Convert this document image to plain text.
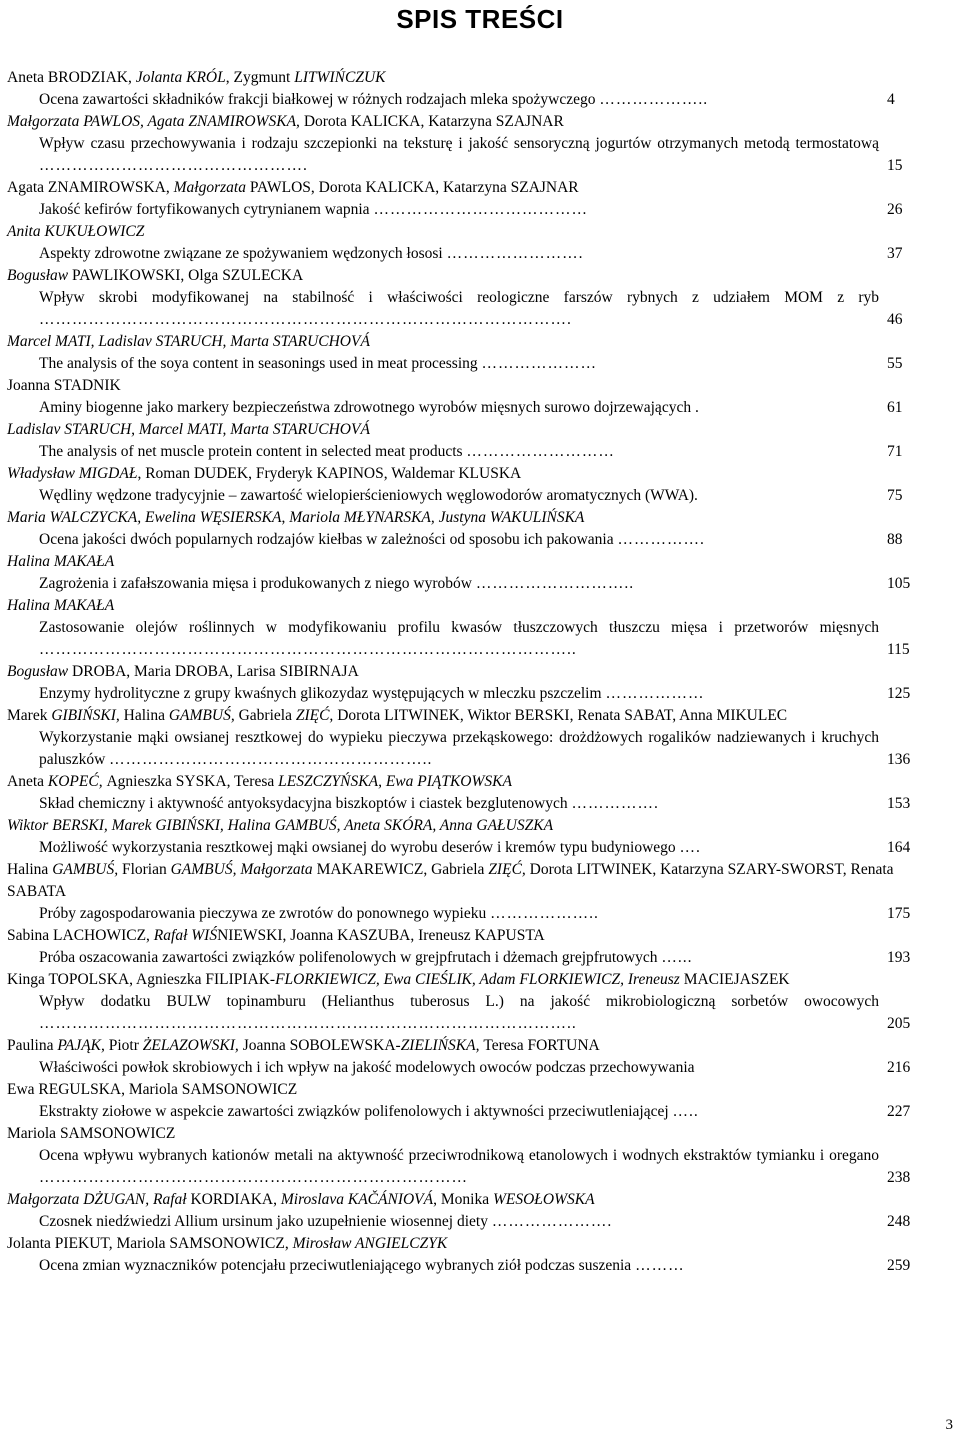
SPIS TREŚCI
Aneta BRODZIAK, Jolanta KRÓL, Zygmunt LITWIŃCZUK
Ocena zawartości składników frakcji białkowej w różnych rodzajach mleka spożywczego ………………..	4
Małgorzata PAWLOS, Agata ZNAMIROWSKA, Dorota KALICKA, Katarzyna SZAJNAR
Wpływ czasu przechowywania i rodzaju szczepionki na teksturę i jakość sensoryczną jogurtów otrzymanych metodą termostatową ………………………………………….	15
Agata ZNAMIROWSKA, Małgorzata PAWLOS, Dorota KALICKA, Katarzyna SZAJNAR
Jakość kefirów fortyfikowanych cytrynianem wapnia …………………………………	26
Anita KUKUŁOWICZ
Aspekty zdrowotne związane ze spożywaniem wędzonych łososi …………………….	37
Bogusław PAWLIKOWSKI, Olga SZULECKA
Wpływ skrobi modyfikowanej na stabilność i właściwości reologiczne farszów rybnych z udziałem MOM z ryb …………………………………………………………………………………….	46
Marcel MATI, Ladislav STARUCH, Marta STARUCHOVÁ
The analysis of the soya content in seasonings used in meat processing …………………	55
Joanna STADNIK
Aminy biogenne jako markery bezpieczeństwa zdrowotnego wyrobów mięsnych surowo dojrzewających .	61
Ladislav STARUCH, Marcel MATI, Marta STARUCHOVÁ
The analysis of net muscle protein content in selected meat products ………………………	71
Władysław MIGDAŁ, Roman DUDEK, Fryderyk KAPINOS, Waldemar KLUSKA
Wędliny wędzone tradycyjnie – zawartość wielopierścieniowych węglowodorów aromatycznych (WWA).	75
Maria WALCZYCKA, Ewelina WĘSIERSKA, Mariola MŁYNARSKA, Justyna WAKULIŃSKA
Ocena jakości dwóch popularnych rodzajów kiełbas w zależności od sposobu ich pakowania …………….	88
Halina MAKAŁA
Zagrożenia i zafałszowania mięsa i produkowanych z niego wyrobów ………………………..	105
Halina MAKAŁA
Zastosowanie olejów roślinnych w modyfikowaniu profilu kwasów tłuszczowych tłuszczu mięsa i przetworów mięsnych ……………………………………………………………………………………..	115
Bogusław DROBA, Maria DROBA, Larisa SIBIRNAJA
Enzymy hydrolityczne z grupy kwaśnych glikozydaz występujących w mleczku pszczelim ………………	125
Marek GIBIŃSKI, Halina GAMBUŚ, Gabriela ZIĘĆ, Dorota LITWINEK, Wiktor BERSKI, Renata SABAT, Anna MIKULEC
Wykorzystanie mąki owsianej resztkowej do wypieku pieczywa przekąskowego: drożdżowych rogalików nadziewanych i kruchych paluszków …………………………………………………..	136
Aneta KOPEĆ, Agnieszka SYSKA, Teresa LESZCZYŃSKA, Ewa PIĄTKOWSKA
Skład chemiczny i aktywność antyoksydacyjna biszkoptów i ciastek bezglutenowych …………….	153
Wiktor BERSKI, Marek GIBIŃSKI, Halina GAMBUŚ, Aneta SKÓRA, Anna GAŁUSZKA
Możliwość wykorzystania resztkowej mąki owsianej do wyrobu deserów i kremów typu budyniowego ….	164
Halina GAMBUŚ, Florian GAMBUŚ, Małgorzata MAKAREWICZ, Gabriela ZIĘĆ, Dorota LITWINEK, Katarzyna SZARY-SWORST, Renata SABATA
Próby zagospodarowania pieczywa ze zwrotów do ponownego wypieku ………………..	175
Sabina LACHOWICZ, Rafał WIŚNIEWSKI, Joanna KASZUBA, Ireneusz KAPUSTA
Próba oszacowania zawartości związków polifenolowych w grejpfrutach i dżemach grejpfrutowych …...	193
Kinga TOPOLSKA, Agnieszka FILIPIAK-FLORKIEWICZ, Ewa CIEŚLIK, Adam FLORKIEWICZ, Ireneusz MACIEJASZEK
Wpływ dodatku BULW topinamburu (Helianthus tuberosus L.) na jakość mikrobiologiczną sorbetów owocowych ……………………………………………………………………………………..	205
Paulina PAJĄK, Piotr ŻELAZOWSKI, Joanna SOBOLEWSKA-ZIELIŃSKA, Teresa FORTUNA
Właściwości powłok skrobiowych i ich wpływ na jakość modelowych owoców podczas przechowywania	216
Ewa REGULSKA, Mariola SAMSONOWICZ
Ekstrakty ziołowe w aspekcie zawartości związków polifenolowych i aktywności przeciwutleniającej …..	227
Mariola SAMSONOWICZ
Ocena wpływu wybranych kationów metali na aktywność przeciwrodnikową etanolowych i wodnych ekstraktów tymianku i oregano ……………………………………………………………………	238
Małgorzata DŻUGAN, Rafał KORDIAKA, Miroslava KAČÁNIOVÁ, Monika WESOŁOWSKA
Czosnek niedźwiedzi Allium ursinum jako uzupełnienie wiosennej diety ………………….	248
Jolanta PIEKUT, Mariola SAMSONOWICZ, Mirosław ANGIELCZYK
Ocena zmian wyznaczników potencjału przeciwutleniającego wybranych ziół podczas suszenia ………	259
3
